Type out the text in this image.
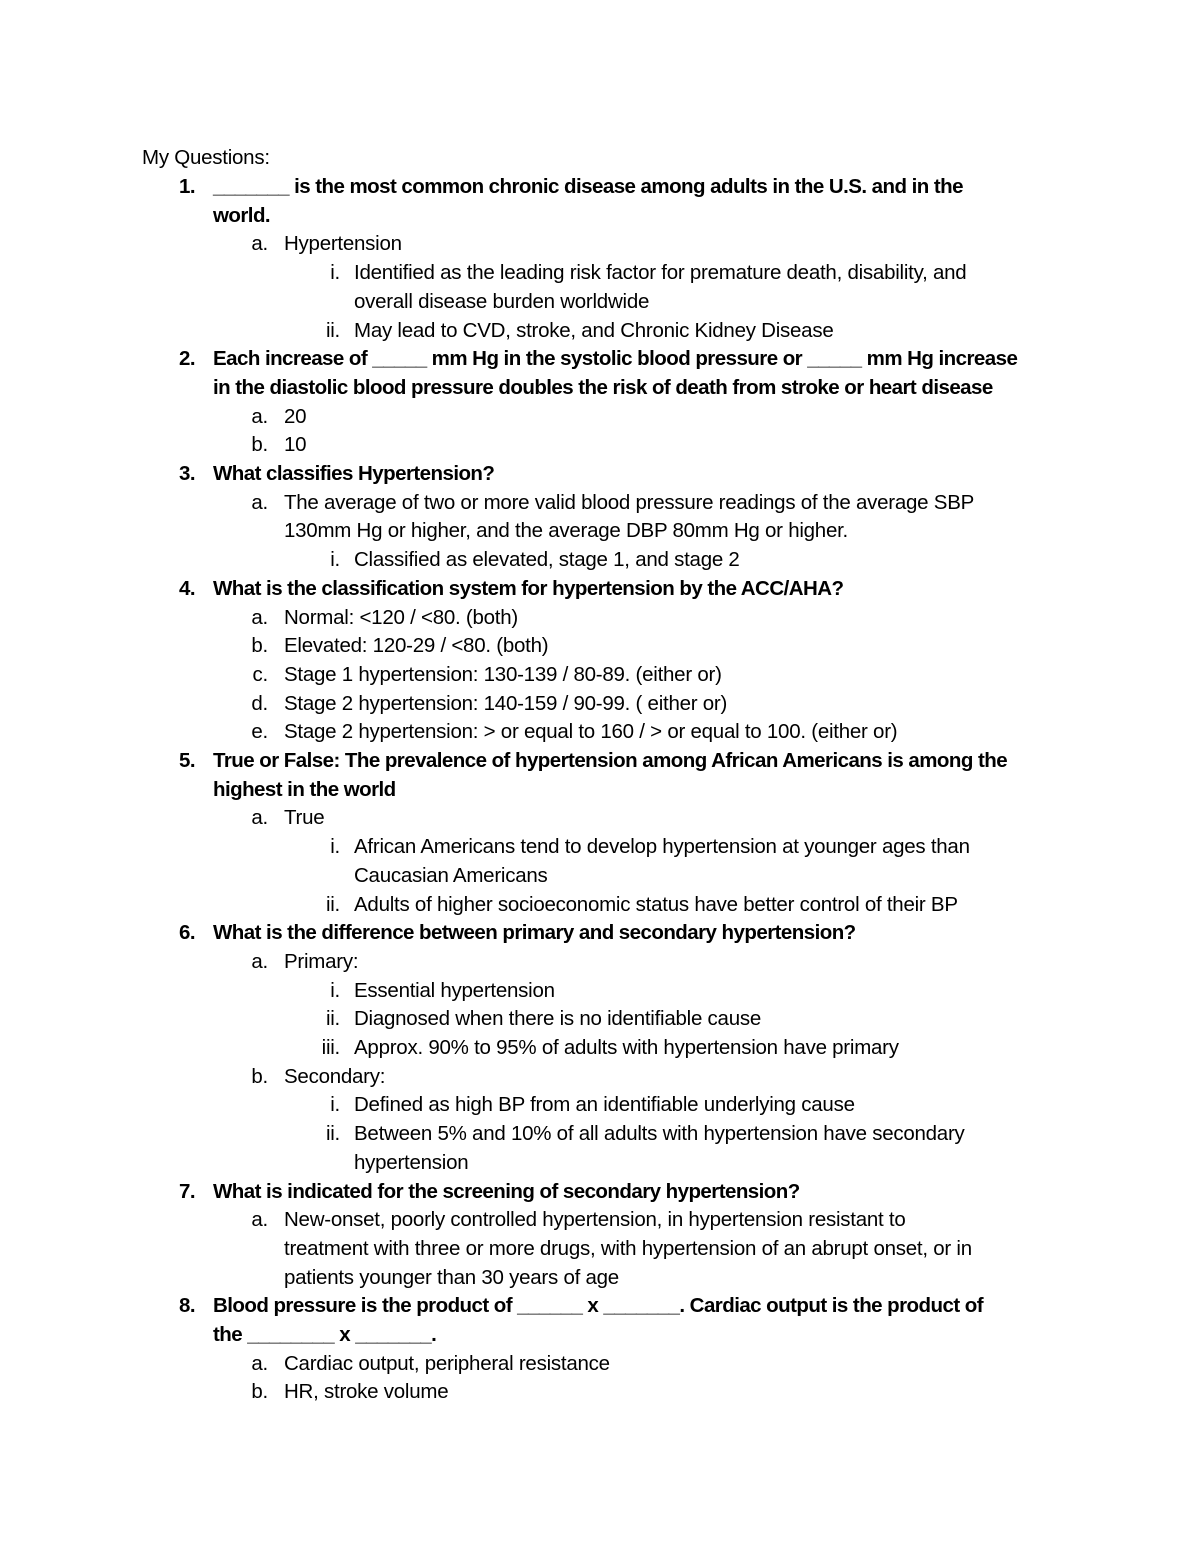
My Questions:
1. _______ is the most common chronic disease among adults in the U.S. and in the
world.
a. Hypertension
i. Identified as the leading risk factor for premature death, disability, and
overall disease burden worldwide
ii. May lead to CVD, stroke, and Chronic Kidney Disease
2. Each increase of _____ mm Hg in the systolic blood pressure or _____ mm Hg increase
in the diastolic blood pressure doubles the risk of death from stroke or heart disease
a. 20
b. 10
3. What classifies Hypertension?
a. The average of two or more valid blood pressure readings of the average SBP
130mm Hg or higher, and the average DBP 80mm Hg or higher.
i. Classified as elevated, stage 1, and stage 2
4. What is the classification system for hypertension by the ACC/AHA?
a. Normal: <120 / <80. (both)
b. Elevated: 120-29 / <80. (both)
c. Stage 1 hypertension: 130-139 / 80-89. (either or)
d. Stage 2 hypertension: 140-159 / 90-99. ( either or)
e. Stage 2 hypertension: > or equal to 160 / > or equal to 100. (either or)
5. True or False: The prevalence of hypertension among African Americans is among the
highest in the world
a. True
i. African Americans tend to develop hypertension at younger ages than
Caucasian Americans
ii. Adults of higher socioeconomic status have better control of their BP
6. What is the difference between primary and secondary hypertension?
a. Primary:
i. Essential hypertension
ii. Diagnosed when there is no identifiable cause
iii. Approx. 90% to 95% of adults with hypertension have primary
b. Secondary:
i. Defined as high BP from an identifiable underlying cause
ii. Between 5% and 10% of all adults with hypertension have secondary
hypertension
7. What is indicated for the screening of secondary hypertension?
a. New-onset, poorly controlled hypertension, in hypertension resistant to
treatment with three or more drugs, with hypertension of an abrupt onset, or in
patients younger than 30 years of age
8. Blood pressure is the product of ______ x _______. Cardiac output is the product of
the ________ x _______.
a. Cardiac output, peripheral resistance
b. HR, stroke volume
